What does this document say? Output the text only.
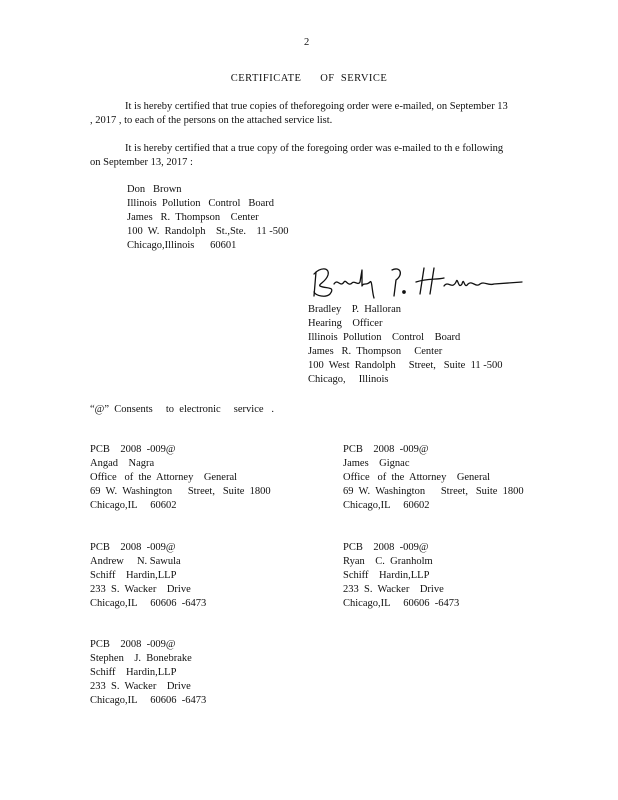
2
CERTIFICATE      OF  SERVICE
It is hereby certified that true copies of theforegoing order were e-mailed, on September 13 , 2017 , to each of the persons on the attached service list.
It is hereby certified that a true copy of the foregoing order was e-mailed to th e following on September 13, 2017 :
Don   Brown
Illinois  Pollution   Control   Board
James   R.  Thompson    Center
100  W.  Randolph    St.,Ste.    11 -500
Chicago,Illinois      60601
Bradley    P.  Halloran
Hearing    Officer
Illinois  Pollution    Control    Board
James   R.  Thompson     Center
100  West  Randolph     Street,   Suite  11 -500
Chicago,     Illinois
“@”  Consents     to  electronic     service   .
PCB    2008  -009@
Angad    Nagra
Office   of  the  Attorney    General
69  W.  Washington      Street,   Suite  1800
Chicago,IL     60602
PCB    2008  -009@
James    Gignac
Office   of  the  Attorney    General
69  W.  Washington      Street,   Suite  1800
Chicago,IL     60602
PCB    2008  -009@
Andrew     N. Sawula
Schiff    Hardin,LLP
233  S.  Wacker    Drive
Chicago,IL     60606  -6473
PCB    2008  -009@
Ryan    C.  Granholm
Schiff    Hardin,LLP
233  S.  Wacker    Drive
Chicago,IL     60606  -6473
PCB    2008  -009@
Stephen    J.  Bonebrake
Schiff    Hardin,LLP
233  S.  Wacker    Drive
Chicago,IL     60606  -6473
